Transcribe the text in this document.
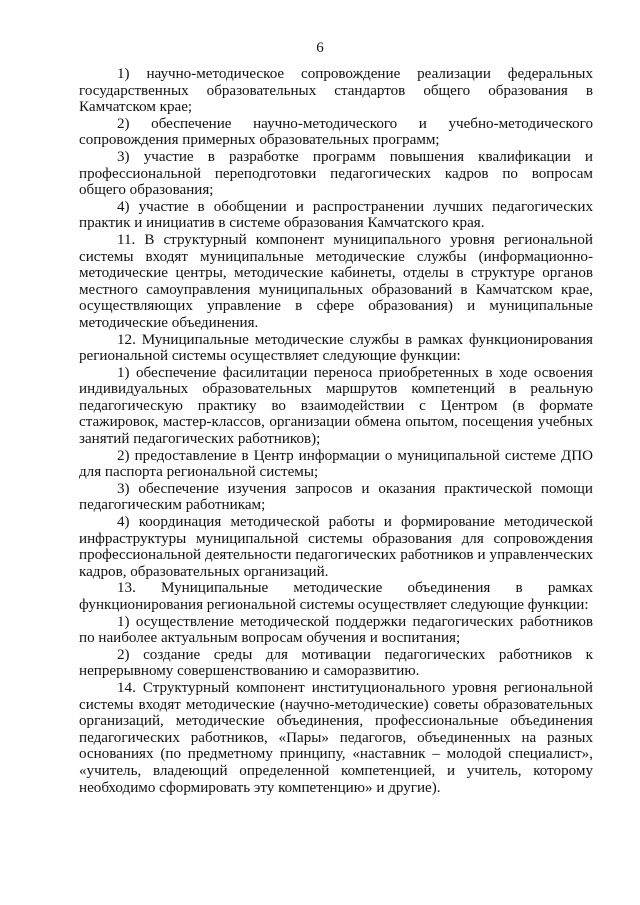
6

1) научно-методическое сопровождение реализации федеральных государственных образовательных стандартов общего образования в Камчатском крае;

2) обеспечение научно-методического и учебно-методического сопровождения примерных образовательных программ;

3) участие в разработке программ повышения квалификации и профессиональной переподготовки педагогических кадров по вопросам общего образования;

4) участие в обобщении и распространении лучших педагогических практик и инициатив в системе образования Камчатского края.

11. В структурный компонент муниципального уровня региональной системы входят муниципальные методические службы (информационно-методические центры, методические кабинеты, отделы в структуре органов местного самоуправления муниципальных образований в Камчатском крае, осуществляющих управление в сфере образования) и муниципальные методические объединения.

12. Муниципальные методические службы в рамках функционирования региональной системы осуществляет следующие функции:

1) обеспечение фасилитации переноса приобретенных в ходе освоения индивидуальных образовательных маршрутов компетенций в реальную педагогическую практику во взаимодействии с Центром (в формате стажировок, мастер-классов, организации обмена опытом, посещения учебных занятий педагогических работников);

2) предоставление в Центр информации о муниципальной системе ДПО для паспорта региональной системы;

3) обеспечение изучения запросов и оказания практической помощи педагогическим работникам;

4) координация методической работы и формирование методической инфраструктуры муниципальной системы образования для сопровождения профессиональной деятельности педагогических работников и управленческих кадров, образовательных организаций.

13. Муниципальные методические объединения в рамках функционирования региональной системы осуществляет следующие функции:

1) осуществление методической поддержки педагогических работников по наиболее актуальным вопросам обучения и воспитания;

2) создание среды для мотивации педагогических работников к непрерывному совершенствованию и саморазвитию.

14. Структурный компонент институционального уровня региональной системы входят методические (научно-методические) советы образовательных организаций, методические объединения, профессиональные объединения педагогических работников, «Пары» педагогов, объединенных на разных основаниях (по предметному принципу, «наставник – молодой специалист», «учитель, владеющий определенной компетенцией, и учитель, которому необходимо сформировать эту компетенцию» и другие).
